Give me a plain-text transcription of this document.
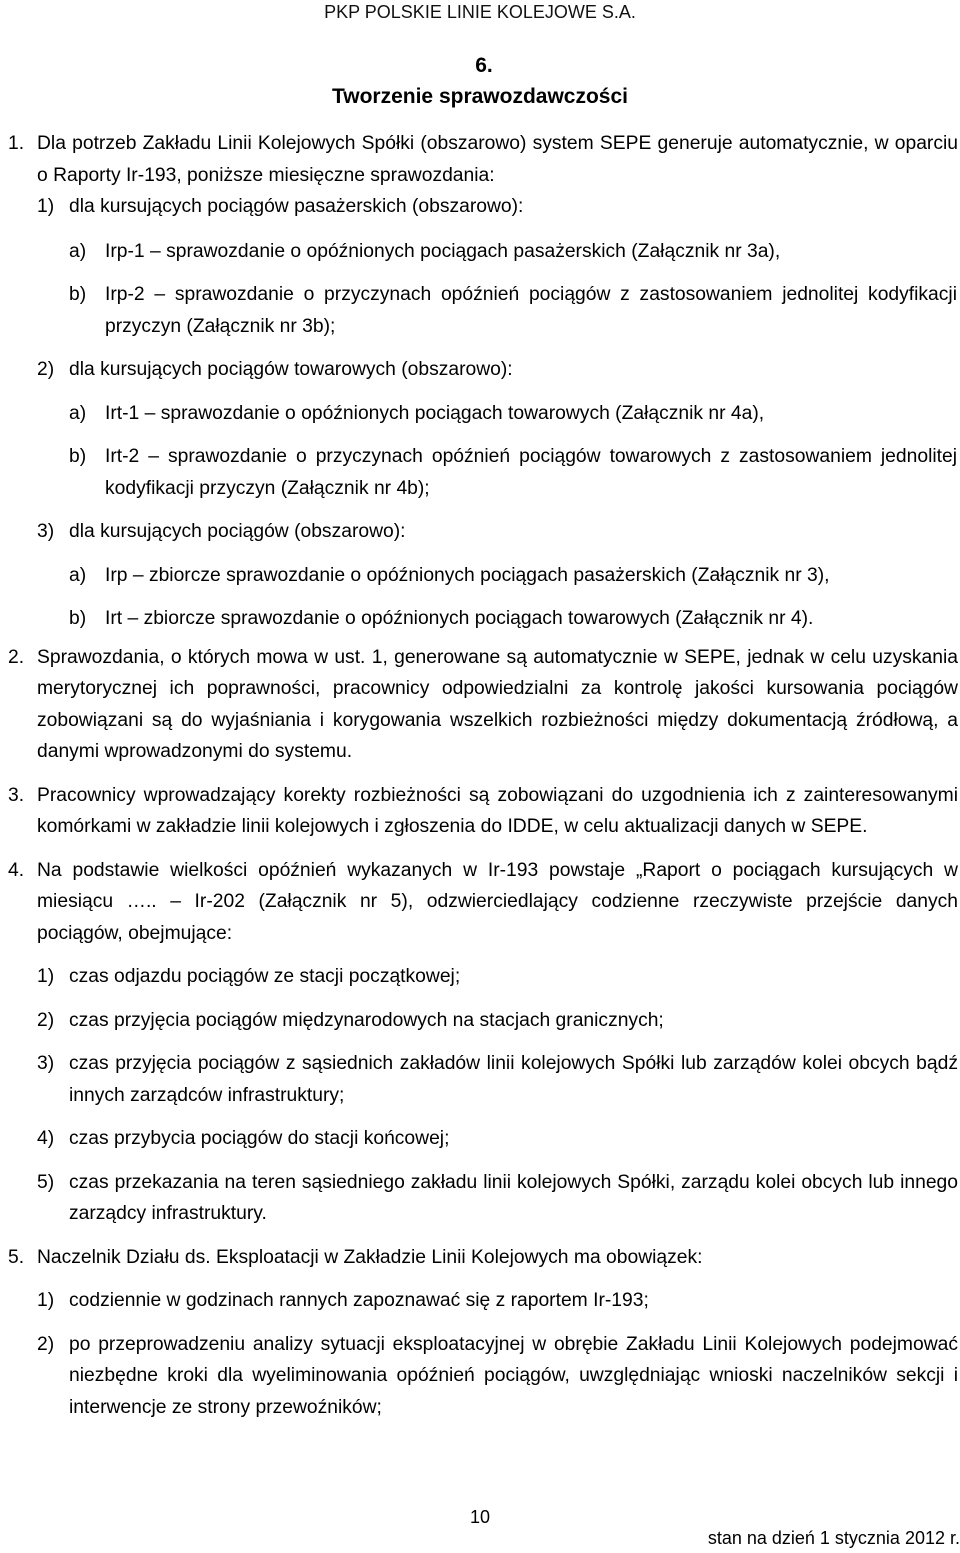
PKP POLSKIE LINIE KOLEJOWE S.A.
6.
Tworzenie sprawozdawczości
1. Dla potrzeb Zakładu Linii Kolejowych Spółki (obszarowo) system SEPE generuje automatycznie, w oparciu o Raporty Ir-193, poniższe miesięczne sprawozdania:
1) dla kursujących pociągów pasażerskich (obszarowo):
a) Irp-1 – sprawozdanie o opóźnionych pociągach pasażerskich (Załącznik nr 3a),
b) Irp-2 – sprawozdanie o przyczynach opóźnień pociągów z zastosowaniem jednolitej kodyfikacji przyczyn (Załącznik nr 3b);
2) dla kursujących pociągów towarowych (obszarowo):
a) Irt-1 – sprawozdanie o opóźnionych pociągach towarowych (Załącznik nr 4a),
b) Irt-2 – sprawozdanie o przyczynach opóźnień pociągów towarowych z zastosowaniem jednolitej kodyfikacji przyczyn (Załącznik nr 4b);
3) dla kursujących pociągów (obszarowo):
a) Irp – zbiorcze sprawozdanie o opóźnionych pociągach pasażerskich (Załącznik nr 3),
b) Irt – zbiorcze sprawozdanie o opóźnionych pociągach towarowych (Załącznik nr 4).
2. Sprawozdania, o których mowa w ust. 1, generowane są automatycznie w SEPE, jednak w celu uzyskania merytorycznej ich poprawności, pracownicy odpowiedzialni za kontrolę jakości kursowania pociągów zobowiązani są do wyjaśniania i korygowania wszelkich rozbieżności między dokumentacją źródłową, a danymi wprowadzonymi do systemu.
3. Pracownicy wprowadzający korekty rozbieżności są zobowiązani do uzgodnienia ich z zainteresowanymi komórkami w zakładzie linii kolejowych i zgłoszenia do IDDE, w celu aktualizacji danych w SEPE.
4. Na podstawie wielkości opóźnień wykazanych w Ir-193 powstaje „Raport o pociągach kursujących w miesiącu ….. – Ir-202 (Załącznik nr 5), odzwierciedlający codzienne rzeczywiste przejście danych pociągów, obejmujące:
1) czas odjazdu pociągów ze stacji początkowej;
2) czas przyjęcia pociągów międzynarodowych na stacjach granicznych;
3) czas przyjęcia pociągów z sąsiednich zakładów linii kolejowych Spółki lub zarządów kolei obcych bądź innych zarządców infrastruktury;
4) czas przybycia pociągów do stacji końcowej;
5) czas przekazania na teren sąsiedniego zakładu linii kolejowych Spółki, zarządu kolei obcych lub innego zarządcy infrastruktury.
5. Naczelnik Działu ds. Eksploatacji w Zakładzie Linii Kolejowych ma obowiązek:
1) codziennie w godzinach rannych zapoznawać się z raportem Ir-193;
2) po przeprowadzeniu analizy sytuacji eksploatacyjnej w obrębie Zakładu Linii Kolejowych podejmować niezbędne kroki dla wyeliminowania opóźnień pociągów, uwzględniając wnioski naczelników sekcji i interwencje ze strony przewoźników;
10
stan na dzień 1 stycznia 2012 r.
